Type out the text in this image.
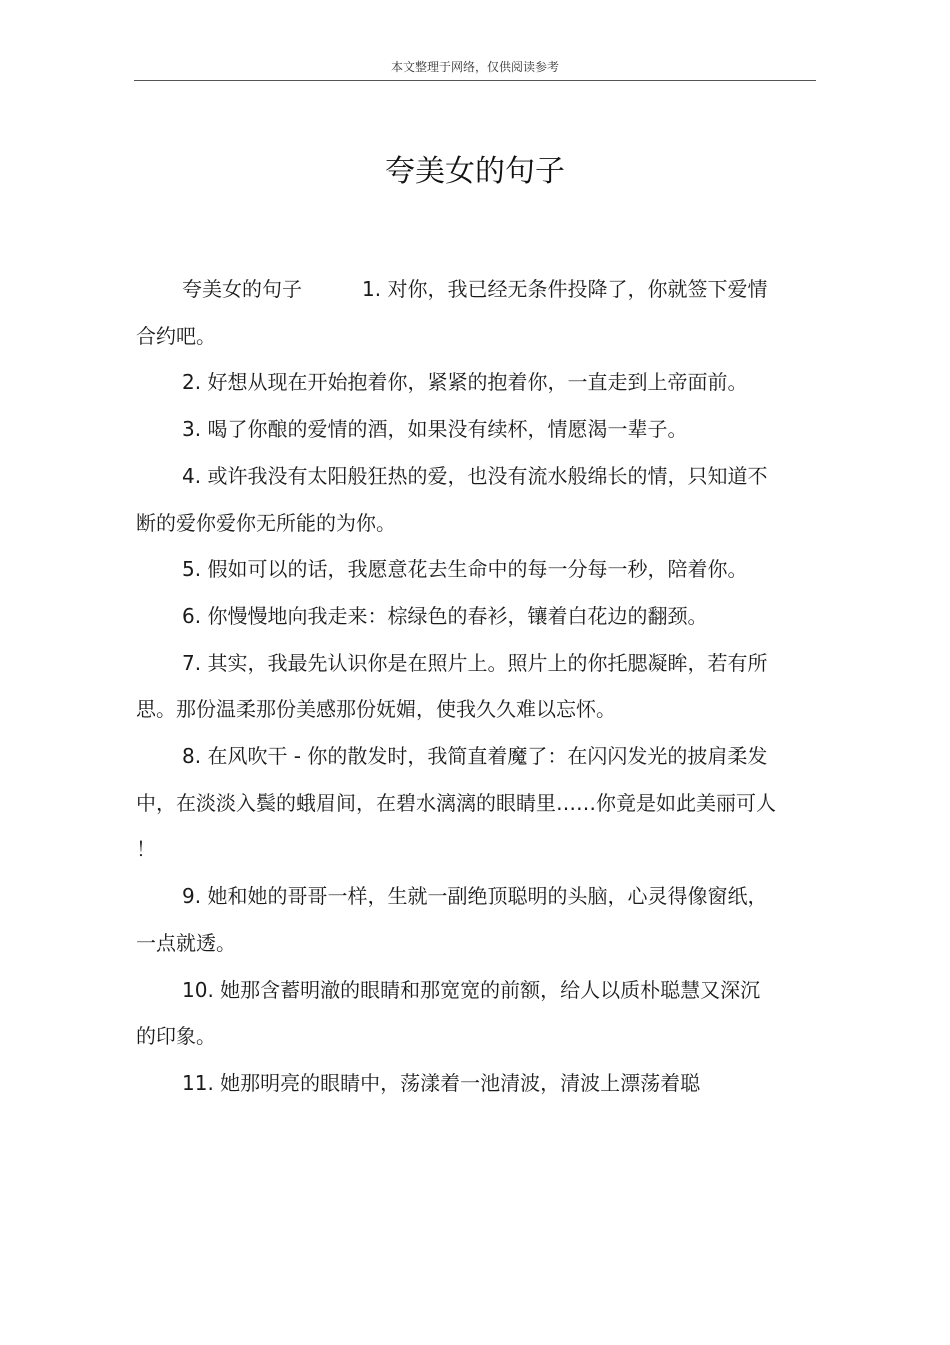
本文整理于网络，仅供阅读参考
夸美女的句子

夸美女的句子	1. 对你，我已经无条件投降了，你就签下爱情合约吧。

2. 好想从现在开始抱着你，紧紧的抱着你，一直走到上帝面前。

3. 喝了你酿的爱情的酒，如果没有续杯，情愿渴一辈子。

4. 或许我没有太阳般狂热的爱，也没有流水般绵长的情，只知道不断的爱你爱你无所能的为你。

5. 假如可以的话，我愿意花去生命中的每一分每一秒，陪着你。

6. 你慢慢地向我走来：棕绿色的春衫，镶着白花边的翻颈。

7. 其实，我最先认识你是在照片上。照片上的你托腮凝眸，若有所思。那份温柔那份美感那份妩媚，使我久久难以忘怀。

8. 在风吹干 - 你的散发时，我简直着魔了：在闪闪发光的披肩柔发中，在淡淡入鬓的蛾眉间，在碧水漓漓的眼睛里……你竟是如此美丽可人 ！

9. 她和她的哥哥一样，生就一副绝顶聪明的头脑，心灵得像窗纸，一点就透。

10. 她那含蓄明澈的眼睛和那宽宽的前额，给人以质朴聪慧又深沉的印象。

11. 她那明亮的眼睛中，荡漾着一池清波，清波上漂荡着聪
